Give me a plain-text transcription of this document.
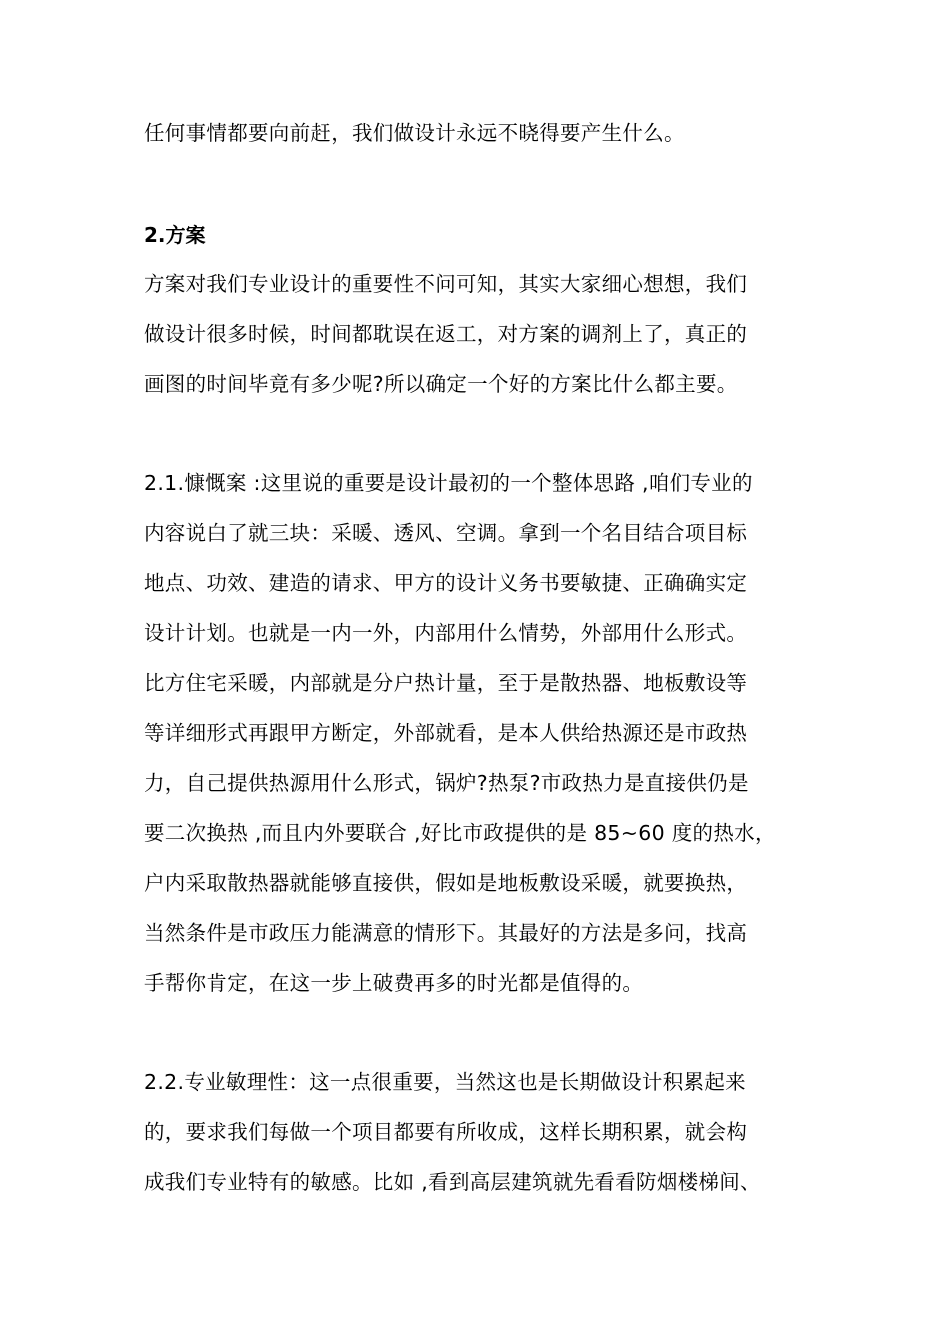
任何事情都要向前赶，我们做设计永远不晓得要产生什么。
2.方案
方案对我们专业设计的重要性不问可知，其实大家细心想想，我们
做设计很多时候，时间都耽误在返工，对方案的调剂上了，真正的
画图的时间毕竟有多少呢?所以确定一个好的方案比什么都主要。
2.1.慷慨案 :这里说的重要是设计最初的一个整体思路 ,咱们专业的
内容说白了就三块：采暖、透风、空调。拿到一个名目结合项目标
地点、功效、建造的请求、甲方的设计义务书要敏捷、正确确实定
设计计划。也就是一内一外，内部用什么情势，外部用什么形式。
比方住宅采暖，内部就是分户热计量，至于是散热器、地板敷设等
等详细形式再跟甲方断定，外部就看，是本人供给热源还是市政热
力，自己提供热源用什么形式，锅炉?热泵?市政热力是直接供仍是
要二次换热 ,而且内外要联合 ,好比市政提供的是 85~60 度的热水，
户内采取散热器就能够直接供，假如是地板敷设采暖，就要换热，
当然条件是市政压力能满意的情形下。其最好的方法是多问，找高
手帮你肯定，在这一步上破费再多的时光都是值得的。
2.2.专业敏理性：这一点很重要，当然这也是长期做设计积累起来
的，要求我们每做一个项目都要有所收成，这样长期积累，就会构
成我们专业特有的敏感。比如 ,看到高层建筑就先看看防烟楼梯间、
